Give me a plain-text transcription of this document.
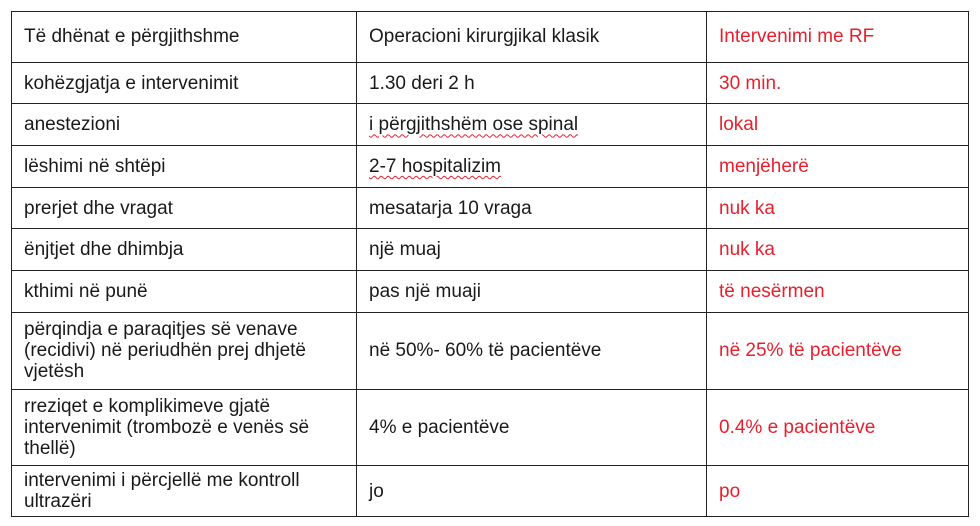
Të dhënat e përgjithshme	Operacioni kirurgjikal klasik	Intervenimi me RF
kohëzgjatja e intervenimit	1.30 deri 2 h	30 min.
anestezioni	i përgjithshëm ose spinal	lokal
lëshimi në shtëpi	2-7 hospitalizim	menjëherë
prerjet dhe vragat	mesatarja 10 vraga	nuk ka
ënjtjet dhe dhimbja	një muaj	nuk ka
kthimi në punë	pas një muaji	të nesërmen
përqindja e paraqitjes së venave (recidivi) në periudhën prej dhjetë vjetësh	në 50%- 60% të pacientëve	në 25% të pacientëve
rreziqet e komplikimeve gjatë intervenimit (trombozë e venës së thellë)	4% e pacientëve	0.4% e pacientëve
intervenimi i përcjellë me kontroll ultrazëri	jo	po
